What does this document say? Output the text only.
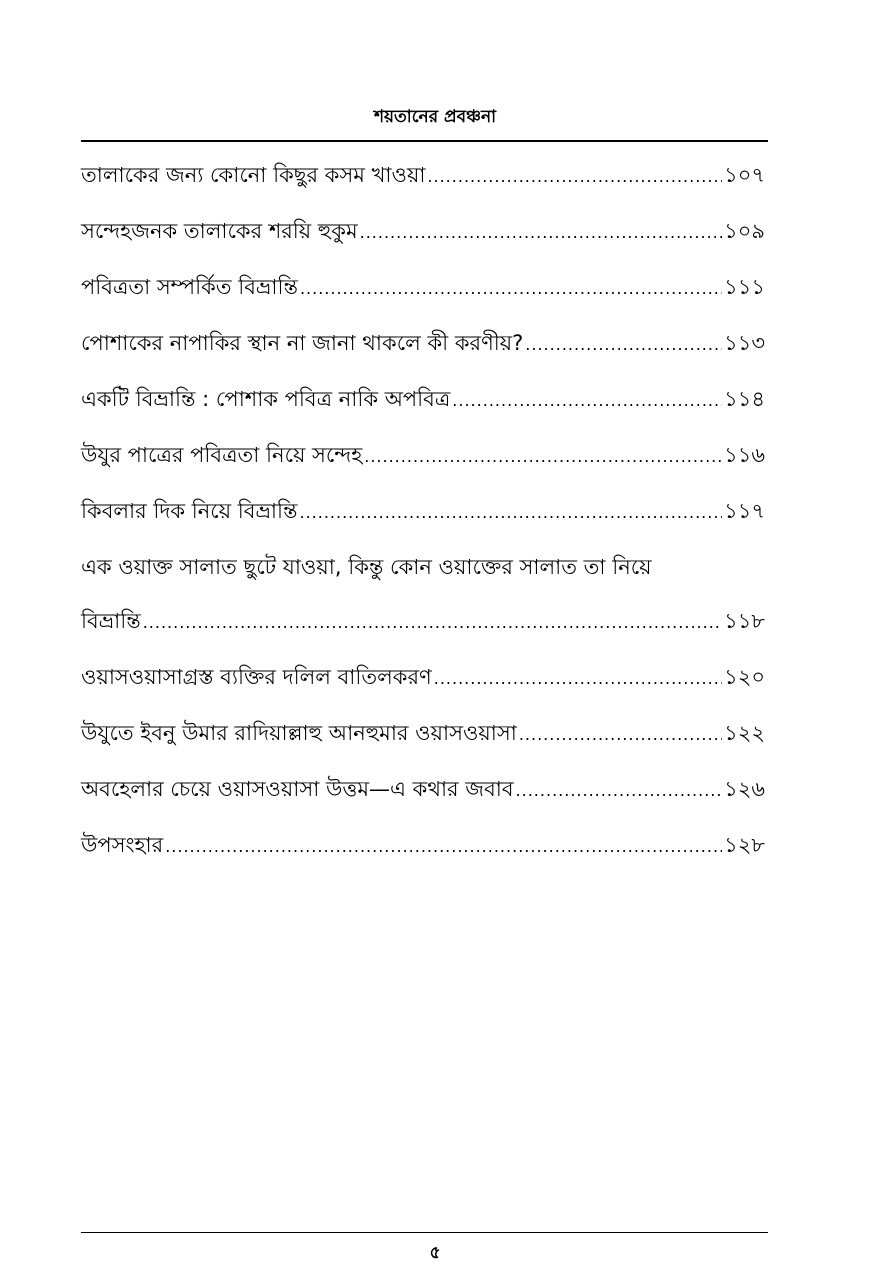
শয়তানের প্রবঞ্চনা
তালাকের জন্য কোনো কিছুর কসম খাওয়া .....	১০৭
সন্দেহজনক তালাকের শরয়ি হুকুম .....	১০৯
পবিত্রতা সম্পর্কিত বিভ্রান্তি .....	১১১
পোশাকের নাপাকির স্থান না জানা থাকলে কী করণীয়? .....	১১৩
একটি বিভ্রান্তি : পোশাক পবিত্র নাকি অপবিত্র .....	১১৪
উযুর পাত্রের পবিত্রতা নিয়ে সন্দেহ .....	১১৬
কিবলার দিক নিয়ে বিভ্রান্তি .....	১১৭
এক ওয়াক্ত সালাত ছুটে যাওয়া, কিন্তু কোন ওয়াক্তের সালাত তা নিয়ে
বিভ্রান্তি .....	১১৮
ওয়াসওয়াসাগ্রস্ত ব্যক্তির দলিল বাতিলকরণ .....	১২০
উযুতে ইবনু উমার রাদিয়াল্লাহু আনহুমার ওয়াসওয়াসা .....	১২২
অবহেলার চেয়ে ওয়াসওয়াসা উত্তম—এ কথার জবাব .....	১২৬
উপসংহার .....	১২৮
৫
